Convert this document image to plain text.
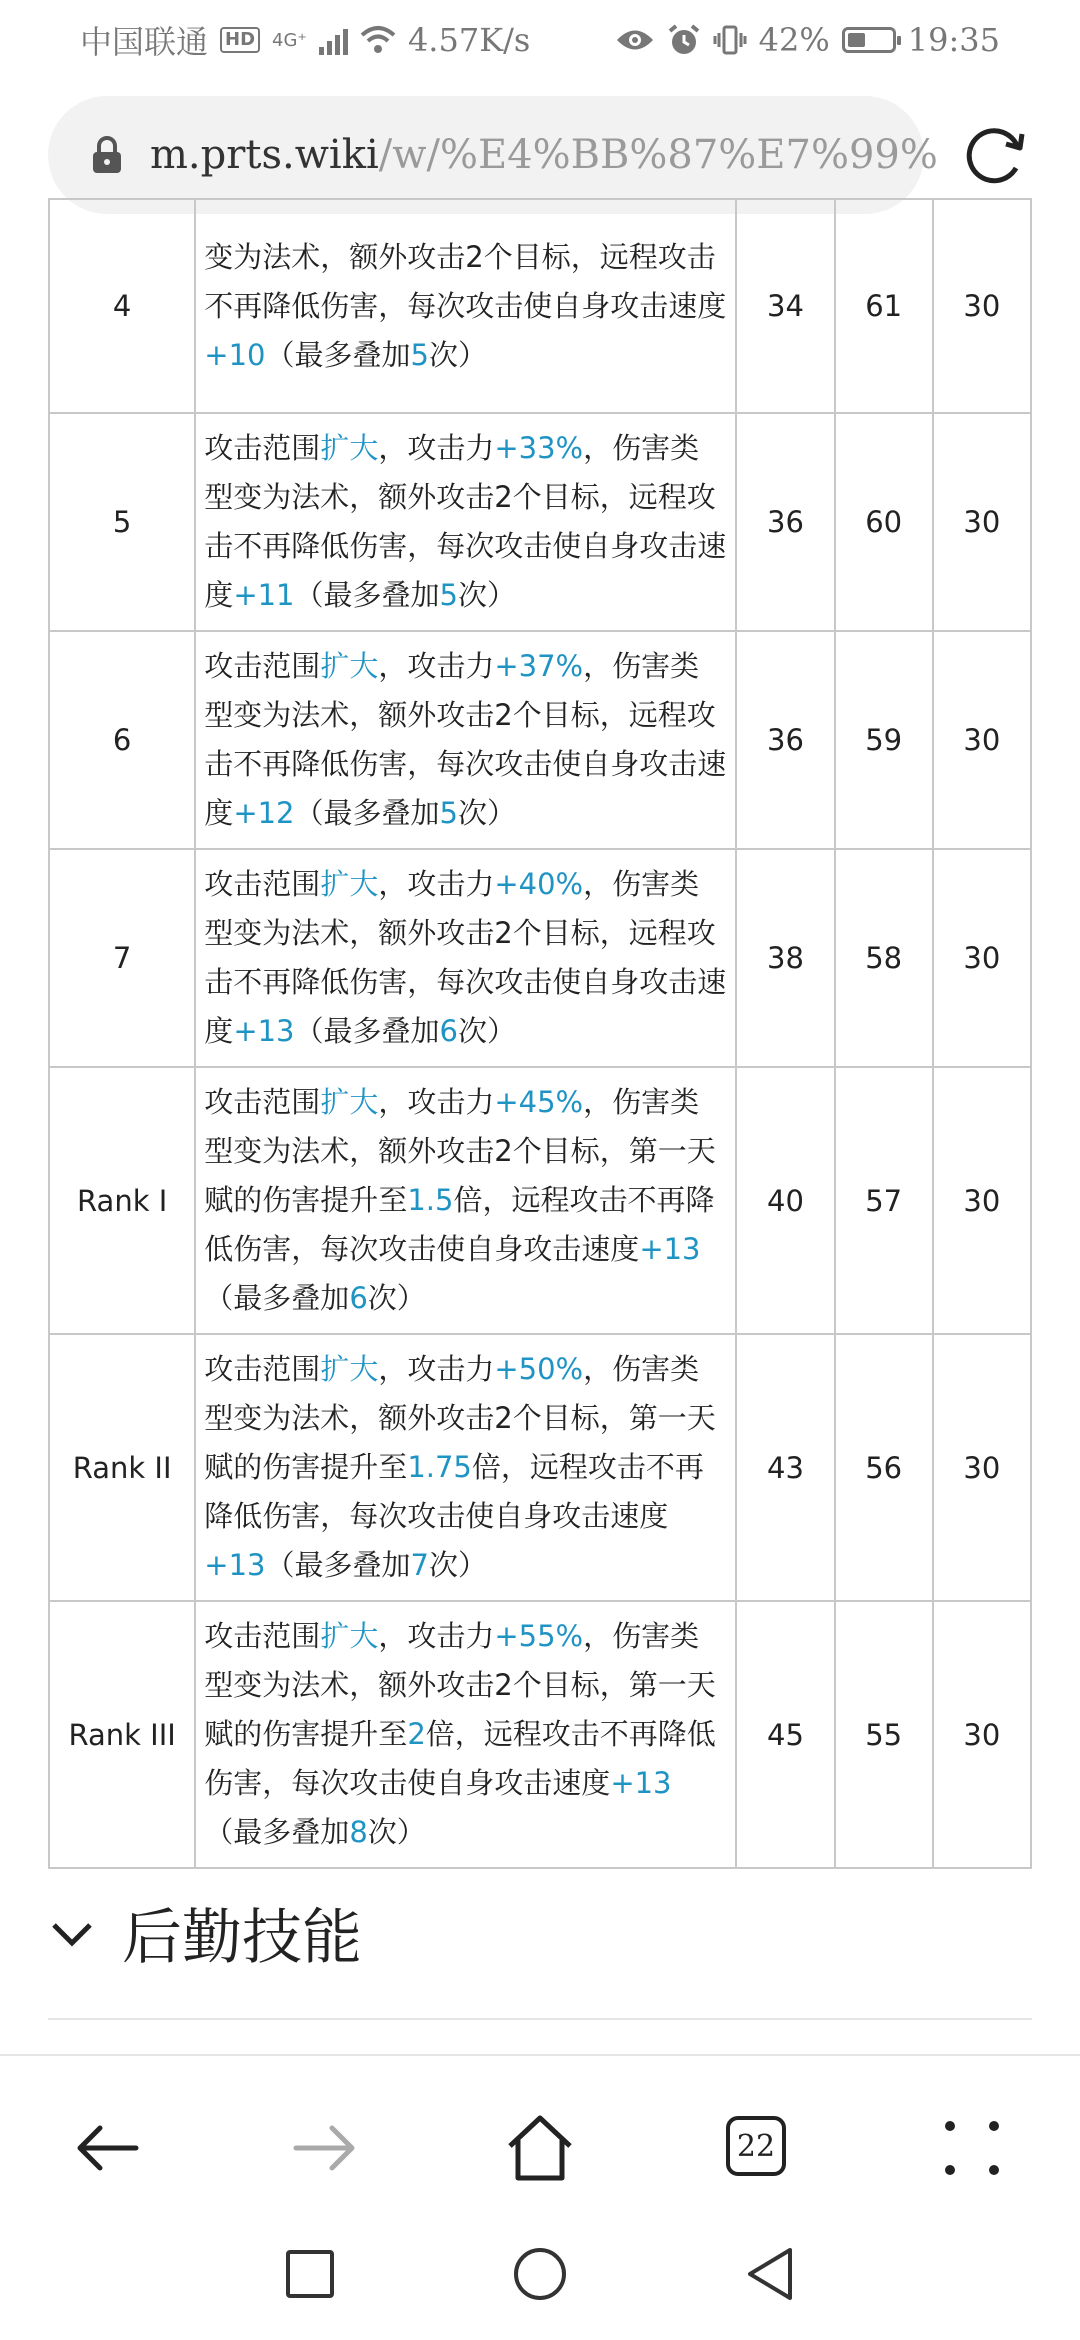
中国联通 HD 4G⁺	4.57K/s	42% 19:35
m.prts.wiki/w/%E4%BB%87%E7%99%
4	变为法术，额外攻击2个目标，远程攻击不再降低伤害，每次攻击使自身攻击速度+10（最多叠加5次）	34	61	30
5	攻击范围扩大，攻击力+33%，伤害类型变为法术，额外攻击2个目标，远程攻击不再降低伤害，每次攻击使自身攻击速度+11（最多叠加5次）	36	60	30
6	攻击范围扩大，攻击力+37%，伤害类型变为法术，额外攻击2个目标，远程攻击不再降低伤害，每次攻击使自身攻击速度+12（最多叠加5次）	36	59	30
7	攻击范围扩大，攻击力+40%，伤害类型变为法术，额外攻击2个目标，远程攻击不再降低伤害，每次攻击使自身攻击速度+13（最多叠加6次）	38	58	30
Rank I	攻击范围扩大，攻击力+45%，伤害类型变为法术，额外攻击2个目标，第一天赋的伤害提升至1.5倍，远程攻击不再降低伤害，每次攻击使自身攻击速度+13（最多叠加6次）	40	57	30
Rank II	攻击范围扩大，攻击力+50%，伤害类型变为法术，额外攻击2个目标，第一天赋的伤害提升至1.75倍，远程攻击不再降低伤害，每次攻击使自身攻击速度+13（最多叠加7次）	43	56	30
Rank III	攻击范围扩大，攻击力+55%，伤害类型变为法术，额外攻击2个目标，第一天赋的伤害提升至2倍，远程攻击不再降低伤害，每次攻击使自身攻击速度+13（最多叠加8次）	45	55	30
后勤技能
22
